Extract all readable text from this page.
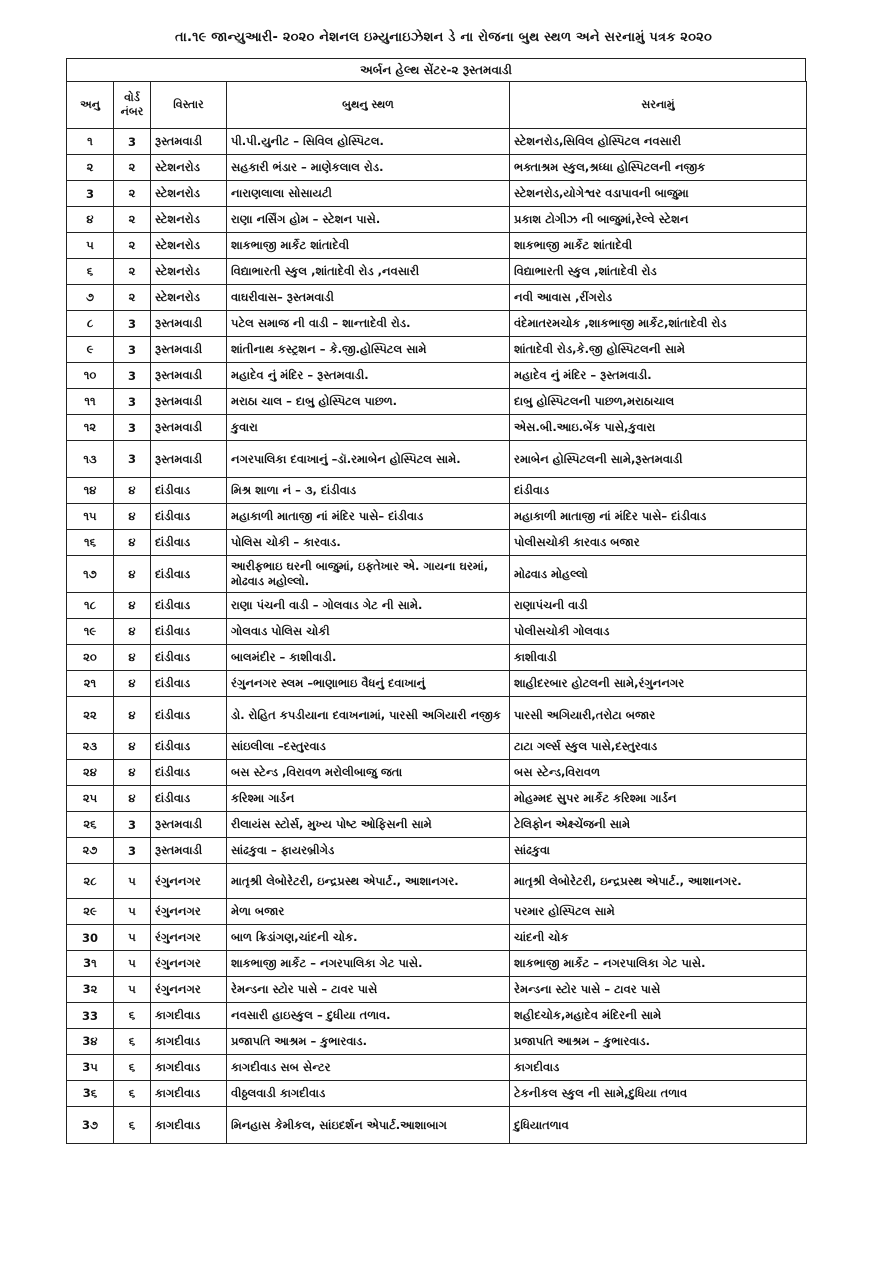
તા.૧૯ જાન્યુઆરી- ૨૦૨૦ નેશનલ ઇમ્યુનાઇઝેશન ડે ના રોજના બુથ સ્થળ અને સરનામું પત્રક ૨૦૨૦
અર્બન હેલ્થ સેંટર-૨ રૂસ્તમવાડી
અનુ	વોર્ડ નંબર	વિસ્તાર	બુથનુ સ્થળ	સરનામું
૧	3	રૂસ્તમવાડી	પી.પી.યુનીટ – સિવિલ હોસ્પિટલ.	સ્ટેશનરોડ,સિવિલ હોસ્પિટલ નવસારી
૨	૨	સ્ટેશનરોડ	સહકારી ભંડાર – માણેકલાલ રોડ.	ભક્તાશ્રમ સ્કુલ,શ્રધ્ધા હોસ્પિટલની નજીક
3	૨	સ્ટેશનરોડ	નારાણલાલા સોસાયટી	સ્ટેશનરોડ,યોગેશ્વર વડાપાવની બાજુમા
૪	૨	સ્ટેશનરોડ	રાણા નર્સિંગ હોમ – સ્ટેશન પાસે.	પ્રકાશ ટોગીઝ ની બાજુમાં,રેલ્વે સ્ટેશન
૫	૨	સ્ટેશનરોડ	શાકભાજી માર્કેટ શાંતાદેવી	શાકભાજી માર્કેટ શાંતાદેવી
૬	૨	સ્ટેશનરોડ	વિદ્યાભારતી સ્કુલ ,શાંતાદેવી રોડ ,નવસારી	વિદ્યાભારતી સ્કુલ ,શાંતાદેવી રોડ
૭	૨	સ્ટેશનરોડ	વાઘરીવાસ– રૂસ્તમવાડી	નવી આવાસ ,રીંગરોડ
૮	3	રૂસ્તમવાડી	પટેલ સમાજ ની વાડી – શાન્તાદેવી રોડ.	વંદેમાતરમચોક ,શાકભાજી માર્કેટ,શાંતાદેવી રોડ
૯	3	રૂસ્તમવાડી	શાંતીનાથ કસ્ટ્રશન – કે.જી.હોસ્પિટલ સામે	શાંતાદેવી રોડ,કે.જી હોસ્પિટલની સામે
૧૦	3	રૂસ્તમવાડી	મહાદેવ નું મંદિર – રૂસ્તમવાડી.	મહાદેવ નું મંદિર – રૂસ્તમવાડી.
૧૧	3	રૂસ્તમવાડી	મરાઠા ચાલ – દાબુ હોસ્પિટલ પાછળ.	દાબુ હોસ્પિટલની પાછળ,મરાઠાચાલ
૧૨	3	રૂસ્તમવાડી	કુવારા	એસ.બી.આઇ.બેંક પાસે,કુવારા
૧૩	3	રૂસ્તમવાડી	નગરપાલિકા દવાખાનું –ડૉ.રમાબેન હોસ્પિટલ સામે.	રમાબેન હોસ્પિટલની સામે,રૂસ્તમવાડી
૧૪	૪	દાંડીવાડ	મિશ્ર શાળા નં – ૩, દાંડીવાડ	દાંડીવાડ
૧૫	૪	દાંડીવાડ	મહાકાળી માતાજી નાં મંદિર પાસે– દાંડીવાડ	મહાકાળી માતાજી નાં મંદિર પાસે– દાંડીવાડ
૧૬	૪	દાંડીવાડ	પોલિસ ચોકી – કારવાડ.	પોલીસચોકી કારવાડ બજાર
૧૭	૪	દાંડીવાડ	આરીફભાઇ ઘરની બાજુમાં, ઇફ્તેખાર એ. ગાયના ઘરમાં, મોઢવાડ મહોલ્લો.	મોઢવાડ મોહલ્લો
૧૮	૪	દાંડીવાડ	રાણા પંચની વાડી – ગોલવાડ ગેટ ની સામે.	રાણાપંચની વાડી
૧૯	૪	દાંડીવાડ	ગોલવાડ પોલિસ ચોકી	પોલીસચોકી ગોલવાડ
૨૦	૪	દાંડીવાડ	બાલમંદીર – કાશીવાડી.	કાશીવાડી
૨૧	૪	દાંડીવાડ	રંગુનનગર સ્લમ –ભાણાભાઇ વૈધનું દવાખાનું	શાહીદરબાર હોટલની સામે,રંગુનનગર
૨૨	૪	દાંડીવાડ	ડો. રોહિત કપડીયાના દવાખનામાં, પારસી અગિયારી નજીક	પારસી અગિયારી,તરોટા બજાર
૨૩	૪	દાંડીવાડ	સાંઇલીલા –દસ્તુરવાડ	ટાટા ગર્લ્સ સ્કુલ પાસે,દસ્તુરવાડ
૨૪	૪	દાંડીવાડ	બસ સ્ટેન્ડ ,વિરાવળ મરોલીબાજુ જતા	બસ સ્ટેન્ડ,વિરાવળ
૨૫	૪	દાંડીવાડ	કરિશ્મા ગાર્ડન	મોહમ્મદ સુપર માર્કેટ કરિશ્મા ગાર્ડન
૨૬	3	રૂસ્તમવાડી	રીલાયંસ સ્ટોર્સ, મુખ્ય પોષ્ટ ઓફિસની સામે	ટેલિફોન એક્ષ્ચેંજની સામે
૨૭	3	રૂસ્તમવાડી	સાંઢકુવા – ફાયરબ્રીગેડ	સાંઢકુવા
૨૮	૫	રંગુનનગર	માતૃશ્રી લેબોરેટરી, ઇન્દ્રપ્રસ્થ એપાર્ટ., આશાનગર.	માતૃશ્રી લેબોરેટરી, ઇન્દ્રપ્રસ્થ એપાર્ટ., આશાનગર.
૨૯	૫	રંગુનનગર	મેળા બજાર	પરમાર હોસ્પિટલ સામે
30	૫	રંગુનનગર	બાળ ક્રિડાંગણ,ચાંદની ચોક.	ચાંદની ચોક
3૧	૫	રંગુનનગર	શાકભાજી માર્કેટ – નગરપાલિકા ગેટ પાસે.	શાકભાજી માર્કેટ – નગરપાલિકા ગેટ પાસે.
3૨	૫	રંગુનનગર	રેમન્ડના સ્ટોર પાસે – ટાવર પાસે	રેમન્ડના સ્ટોર પાસે – ટાવર પાસે
33	૬	કાગદીવાડ	નવસારી હાઇસ્કુલ – દુધીયા તળાવ.	શહીદચોક,મહાદેવ મંદિરની સામે
3૪	૬	કાગદીવાડ	પ્રજાપતિ આશ્રમ – કુભારવાડ.	પ્રજાપતિ આશ્રમ – કુભારવાડ.
3૫	૬	કાગદીવાડ	કાગદીવાડ સબ સેન્ટર	કાગદીવાડ
3૬	૬	કાગદીવાડ	વીઠ્ઠલવાડી કાગદીવાડ	ટેકનીકલ સ્કુલ ની સામે,દુધિયા તળાવ
3૭	૬	કાગદીવાડ	મિનહાસ કેમીકલ, સાંઇદર્શન એપાર્ટ.આશાબાગ	દુધિયાતળાવ
